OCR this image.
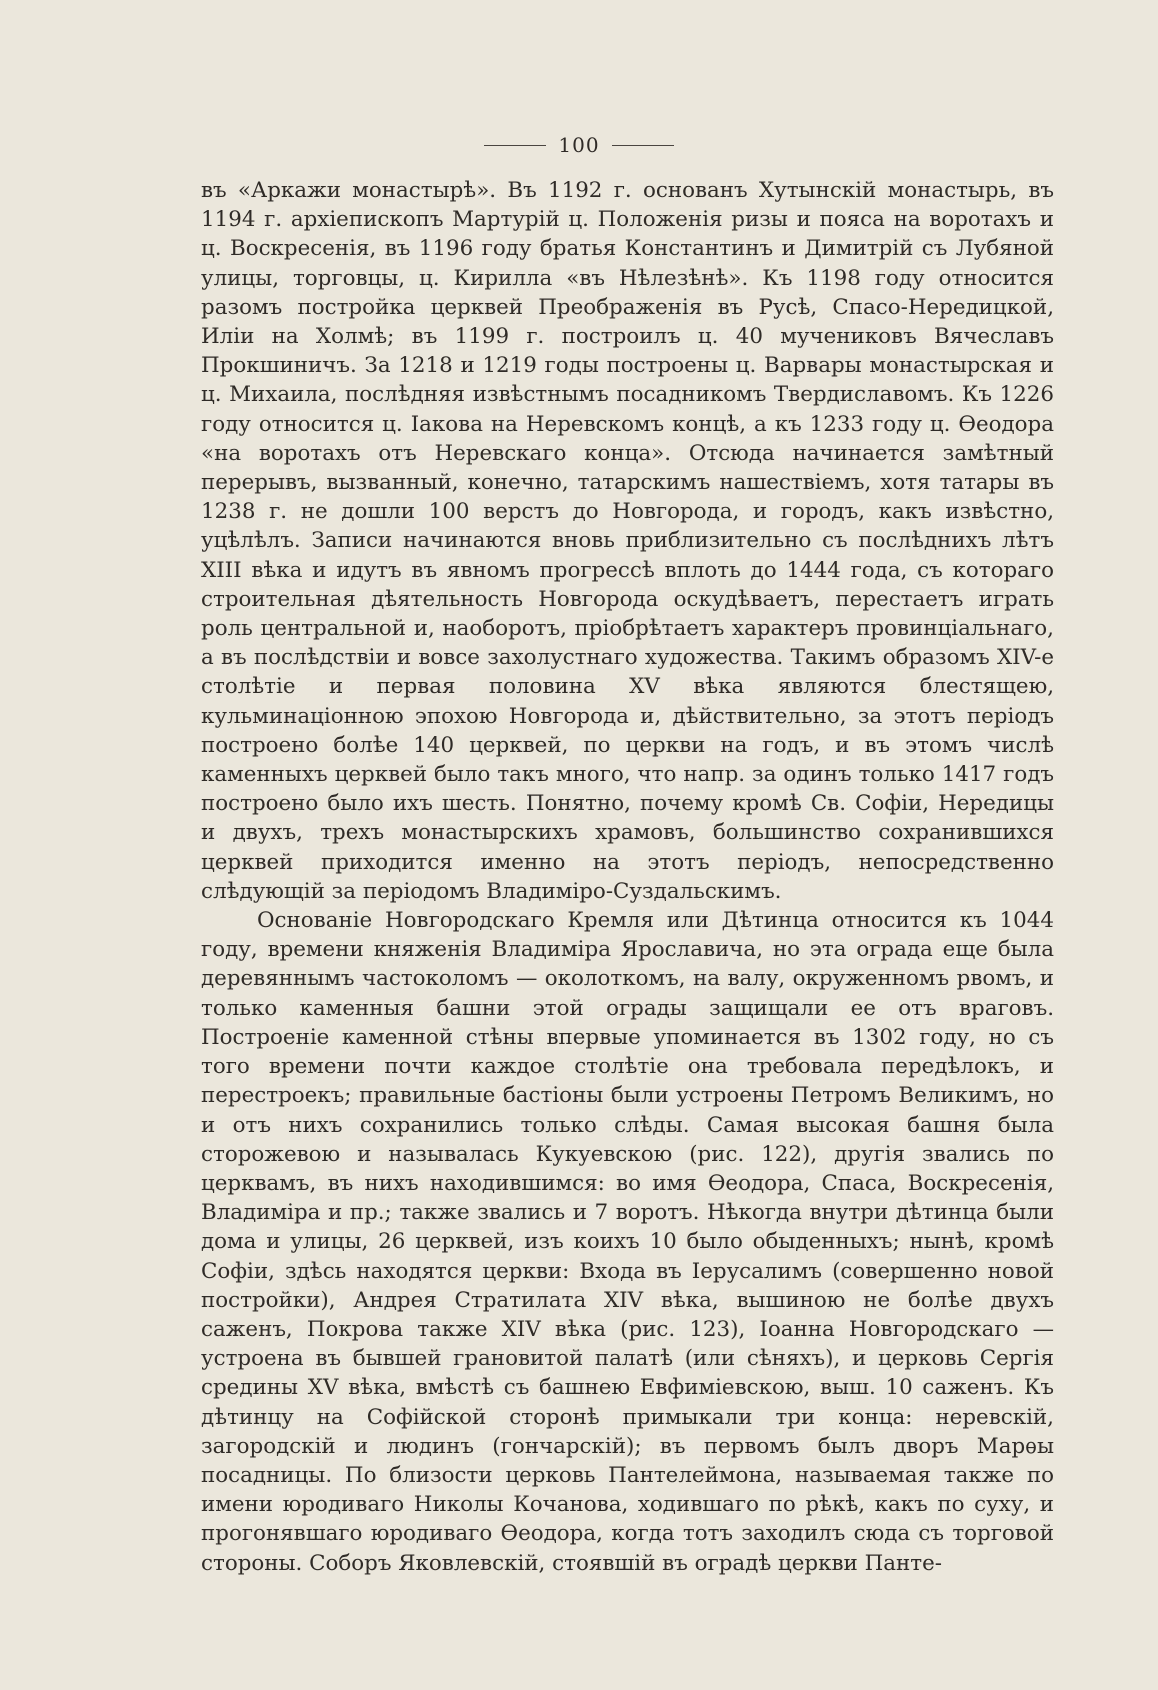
100

въ «Аркажи монастырѣ». Въ 1192 г. основанъ Хутынскій монастырь, въ 1194 г. архіепископъ Мартурій ц. Положенія ризы и пояса на воротахъ и ц. Воскресенія, въ 1196 году братья Константинъ и Димитрій съ Лубяной улицы, торговцы, ц. Кирилла «въ Нѣлезѣнѣ». Къ 1198 году относится разомъ постройка церквей Преображенія въ Русѣ, Спасо-Нередицкой, Иліи на Холмѣ; въ 1199 г. построилъ ц. 40 мучениковъ Вячеславъ Прокшиничъ. За 1218 и 1219 годы построены ц. Варвары монастырская и ц. Михаила, послѣдняя извѣстнымъ посадникомъ Твердиславомъ. Къ 1226 году относится ц. Іакова на Неревскомъ концѣ, а къ 1233 году ц. Ѳеодора «на воротахъ отъ Неревскаго конца». Отсюда начинается замѣтный перерывъ, вызванный, конечно, татарскимъ нашествіемъ, хотя татары въ 1238 г. не дошли 100 верстъ до Новгорода, и городъ, какъ извѣстно, уцѣлѣлъ. Записи начинаются вновь приблизительно съ послѣднихъ лѣтъ XIII вѣка и идутъ въ явномъ прогрессѣ вплоть до 1444 года, съ котораго строительная дѣятельность Новгорода оскудѣваетъ, перестаетъ играть роль центральной и, наоборотъ, пріобрѣтаетъ характеръ провинціальнаго, а въ послѣдствіи и вовсе захолустнаго художества. Такимъ образомъ XIV-е столѣтіе и первая половина XV вѣка являются блестящею, кульминаціонною эпохою Новгорода и, дѣйствительно, за этотъ періодъ построено болѣе 140 церквей, по церкви на годъ, и въ этомъ числѣ каменныхъ церквей было такъ много, что напр. за одинъ только 1417 годъ построено было ихъ шесть. Понятно, почему кромѣ Св. Софіи, Нередицы и двухъ, трехъ монастырскихъ храмовъ, большинство сохранившихся церквей приходится именно на этотъ періодъ, непосредственно слѣдующій за періодомъ Владиміро-Суздальскимъ.

Основаніе Новгородскаго Кремля или Дѣтинца относится къ 1044 году, времени княженія Владиміра Ярославича, но эта ограда еще была деревяннымъ частоколомъ — околоткомъ, на валу, окруженномъ рвомъ, и только каменныя башни этой ограды защищали ее отъ враговъ. Построеніе каменной стѣны впервые упоминается въ 1302 году, но съ того времени почти каждое столѣтіе она требовала передѣлокъ, и перестроекъ; правильные бастіоны были устроены Петромъ Великимъ, но и отъ нихъ сохранились только слѣды. Самая высокая башня была сторожевою и называлась Кукуевскою (рис. 122), другія звались по церквамъ, въ нихъ находившимся: во имя Ѳеодора, Спаса, Воскресенія, Владиміра и пр.; также звались и 7 воротъ. Нѣкогда внутри дѣтинца были дома и улицы, 26 церквей, изъ коихъ 10 было обыденныхъ; нынѣ, кромѣ Софіи, здѣсь находятся церкви: Входа въ Іерусалимъ (совершенно новой постройки), Андрея Стратилата XIV вѣка, вышиною не болѣе двухъ саженъ, Покрова также XIV вѣка (рис. 123), Іоанна Новгородскаго — устроена въ бывшей грановитой палатѣ (или сѣняхъ), и церковь Сергія средины XV вѣка, вмѣстѣ съ башнею Евфиміевскою, выш. 10 саженъ. Къ дѣтинцу на Софійской сторонѣ примыкали три конца: неревскій, загородскій и людинъ (гончарскій); въ первомъ былъ дворъ Марѳы посадницы. По близости церковь Пантелеймона, называемая также по имени юродиваго Николы Кочанова, ходившаго по рѣкѣ, какъ по суху, и прогонявшаго юродиваго Ѳеодора, когда тотъ заходилъ сюда съ торговой стороны. Соборъ Яковлевскій, стоявшій въ оградѣ церкви Панте-
